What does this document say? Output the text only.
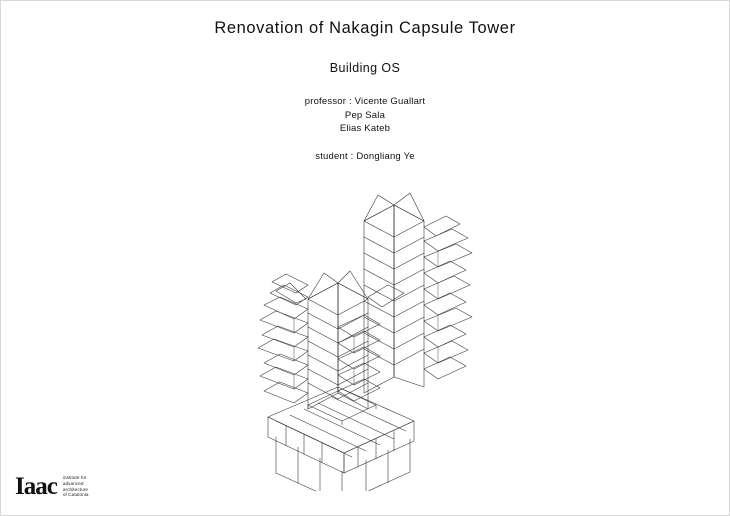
Renovation of Nakagin Capsule Tower
Building OS
professor : Vicente Guallart
Pep Sala
Elias Kateb
student : Dongliang Ye
Iaac institute for
advanced
architecture
of Catalonia
